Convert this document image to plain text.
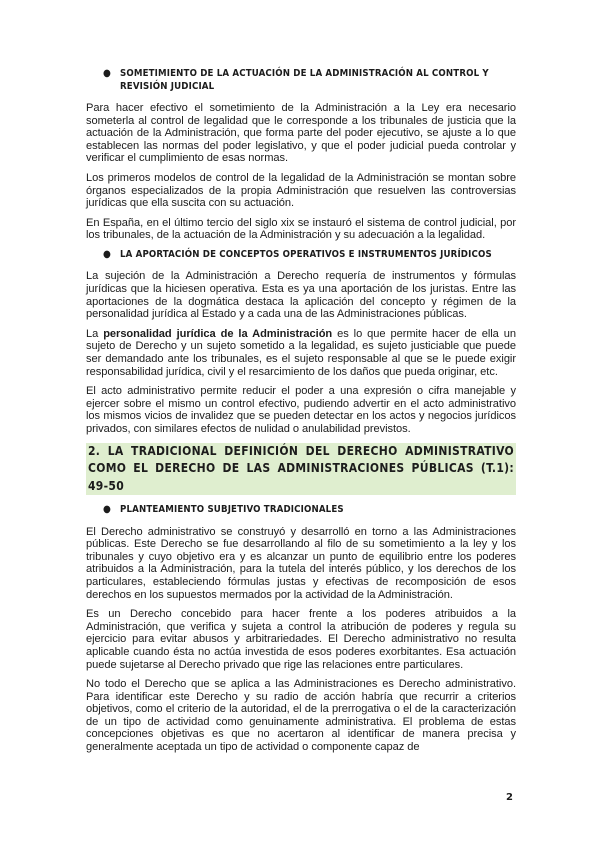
● SOMETIMIENTO DE LA ACTUACIÓN DE LA ADMINISTRACIÓN AL CONTROL Y REVISIÓN JUDICIAL

Para hacer efectivo el sometimiento de la Administración a la Ley era necesario someterla al control de legalidad que le corresponde a los tribunales de justicia que la actuación de la Administración, que forma parte del poder ejecutivo, se ajuste a lo que establecen las normas del poder legislativo, y que el poder judicial pueda controlar y verificar el cumplimiento de esas normas.

Los primeros modelos de control de la legalidad de la Administración se montan sobre órganos especializados de la propia Administración que resuelven las controversias jurídicas que ella suscita con su actuación.

En España, en el último tercio del siglo xix se instauró el sistema de control judicial, por los tribunales, de la actuación de la Administración y su adecuación a la legalidad.

● LA APORTACIÓN DE CONCEPTOS OPERATIVOS E INSTRUMENTOS JURÍDICOS

La sujeción de la Administración a Derecho requería de instrumentos y fórmulas jurídicas que la hiciesen operativa. Esta es ya una aportación de los juristas. Entre las aportaciones de la dogmática destaca la aplicación del concepto y régimen de la personalidad jurídica al Estado y a cada una de las Administraciones públicas.

La personalidad jurídica de la Administración es lo que permite hacer de ella un sujeto de Derecho y un sujeto sometido a la legalidad, es sujeto justiciable que puede ser demandado ante los tribunales, es el sujeto responsable al que se le puede exigir responsabilidad jurídica, civil y el resarcimiento de los daños que pueda originar, etc.

El acto administrativo permite reducir el poder a una expresión o cifra manejable y ejercer sobre el mismo un control efectivo, pudiendo advertir en el acto administrativo los mismos vicios de invalidez que se pueden detectar en los actos y negocios jurídicos privados, con similares efectos de nulidad o anulabilidad previstos.

2. LA TRADICIONAL DEFINICIÓN DEL DERECHO ADMINISTRATIVO COMO EL DERECHO DE LAS ADMINISTRACIONES PÚBLICAS (T.1): 49-50
● PLANTEAMIENTO SUBJETIVO TRADICIONALES

El Derecho administrativo se construyó y desarrolló en torno a las Administraciones públicas. Este Derecho se fue desarrollando al filo de su sometimiento a la ley y los tribunales y cuyo objetivo era y es alcanzar un punto de equilibrio entre los poderes atribuidos a la Administración, para la tutela del interés público, y los derechos de los particulares, estableciendo fórmulas justas y efectivas de recomposición de esos derechos en los supuestos mermados por la actividad de la Administración.

Es un Derecho concebido para hacer frente a los poderes atribuidos a la Administración, que verifica y sujeta a control la atribución de poderes y regula su ejercicio para evitar abusos y arbitrariedades. El Derecho administrativo no resulta aplicable cuando ésta no actúa investida de esos poderes exorbitantes. Esa actuación puede sujetarse al Derecho privado que rige las relaciones entre particulares.

No todo el Derecho que se aplica a las Administraciones es Derecho administrativo. Para identificar este Derecho y su radio de acción habría que recurrir a criterios objetivos, como el criterio de la autoridad, el de la prerrogativa o el de la caracterización de un tipo de actividad como genuinamente administrativa. El problema de estas concepciones objetivas es que no acertaron al identificar de manera precisa y generalmente aceptada un tipo de actividad o componente capaz de

2
